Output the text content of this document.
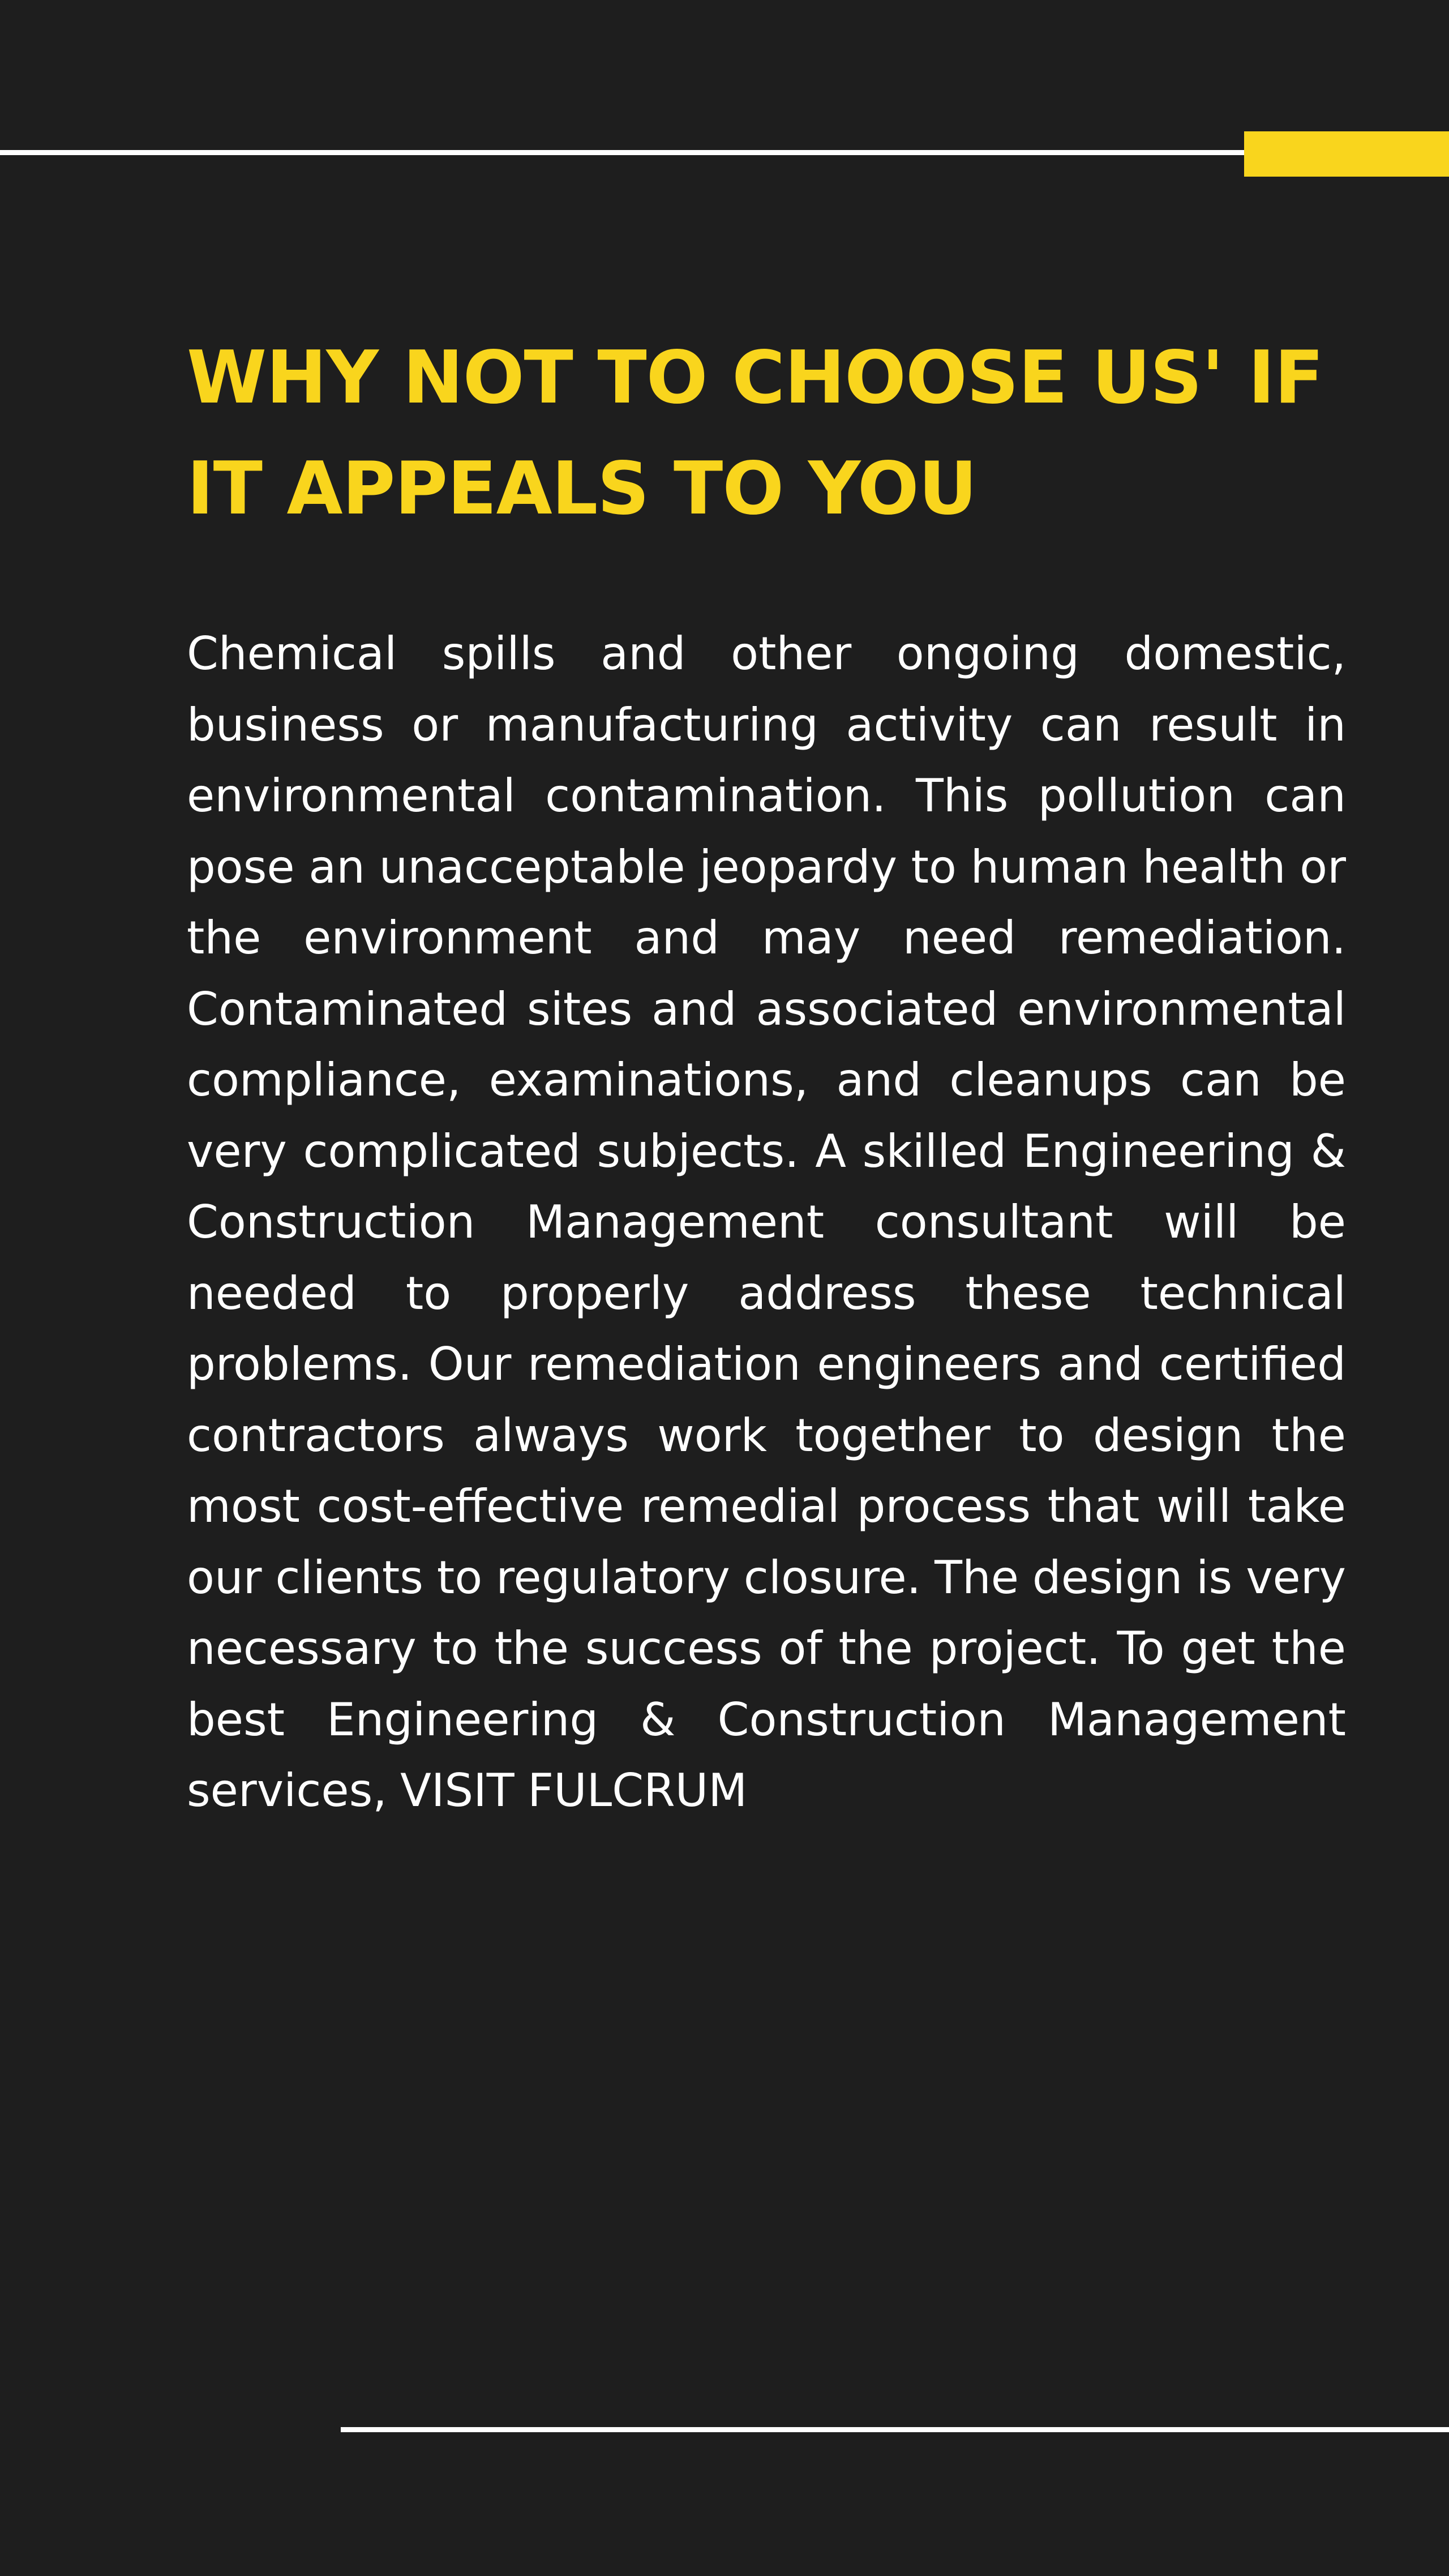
WHY NOT TO CHOOSE US' IF IT APPEALS TO YOU

Chemical spills and other ongoing domestic, business or manufacturing activity can result in environmental contamination. This pollution can pose an unacceptable jeopardy to human health or the environment and may need remediation. Contaminated sites and associated environmental compliance, examinations, and cleanups can be very complicated subjects. A skilled Engineering & Construction Management consultant will be needed to properly address these technical problems. Our remediation engineers and certified contractors always work together to design the most cost-effective remedial process that will take our clients to regulatory closure. The design is very necessary to the success of the project. To get the best Engineering & Construction Management services, VISIT FULCRUM
